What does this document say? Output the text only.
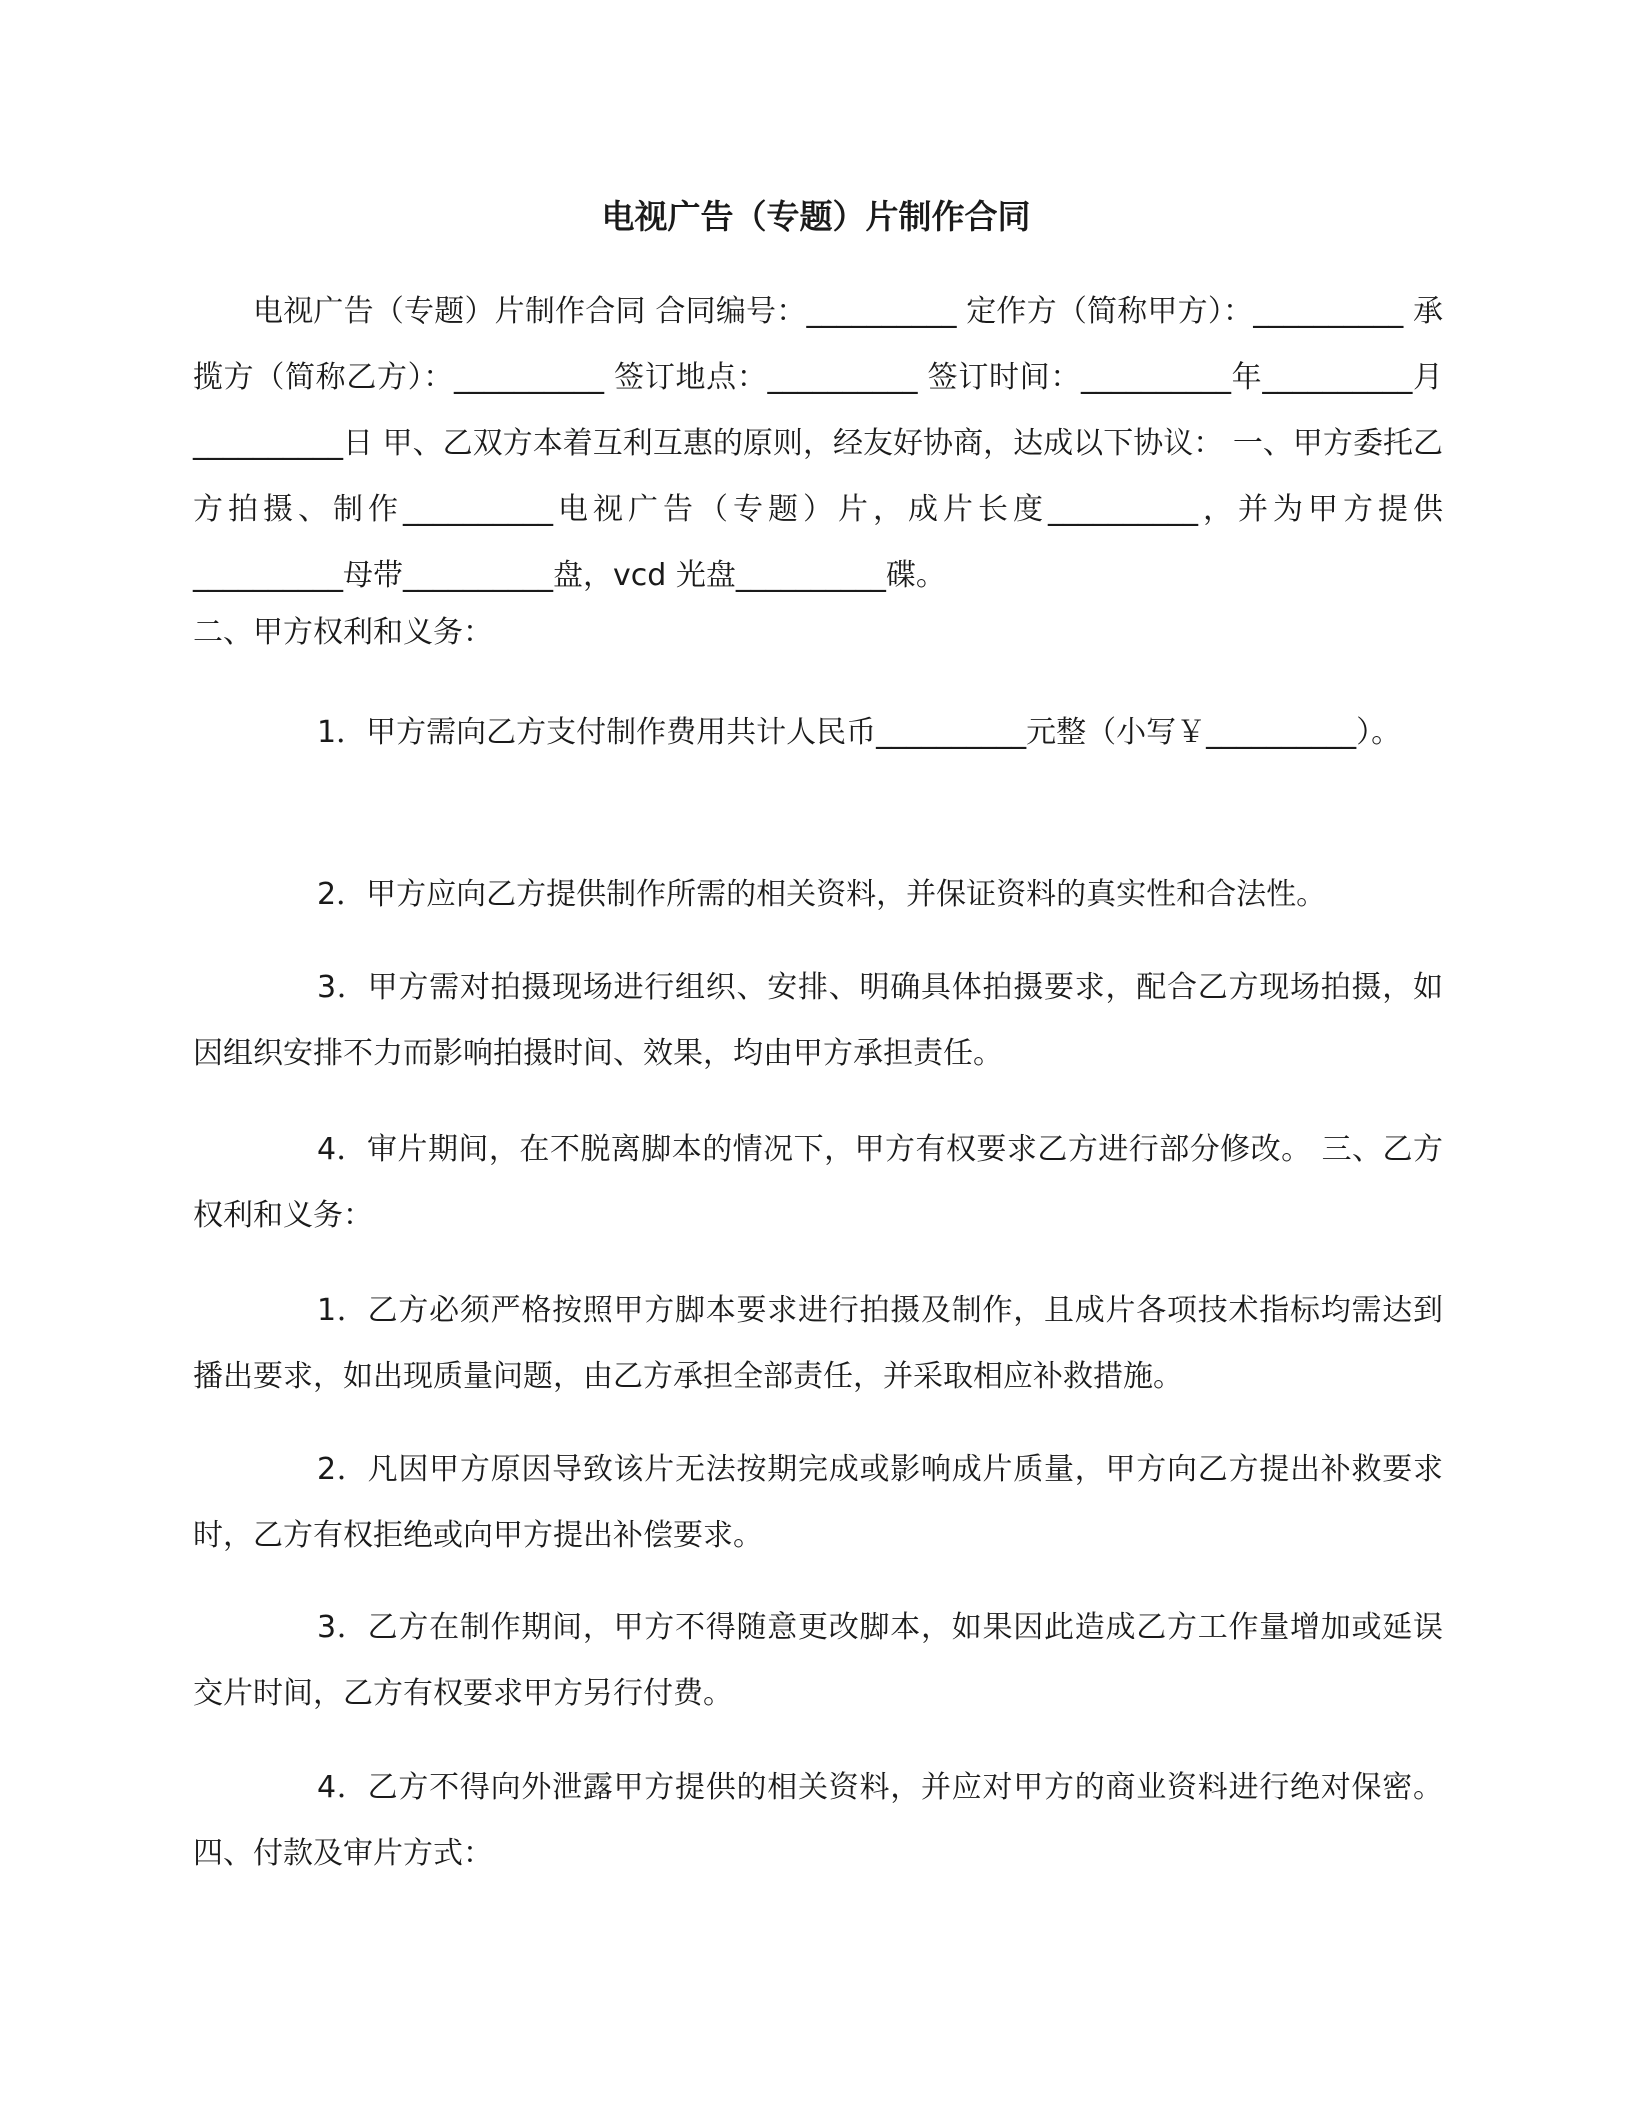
电视广告（专题）片制作合同
电视广告（专题）片制作合同 合同编号：__________ 定作方（简称甲方）：__________ 承揽方（简称乙方）：__________ 签订地点：__________ 签订时间：__________年__________月__________日 甲、乙双方本着互利互惠的原则，经友好协商，达成以下协议： 一、甲方委托乙方拍摄、制作__________电视广告（专题）片，成片长度__________，并为甲方提供__________母带__________盘，vcd 光盘__________碟。
二、甲方权利和义务：
1．甲方需向乙方支付制作费用共计人民币__________元整（小写￥__________）。
2．甲方应向乙方提供制作所需的相关资料，并保证资料的真实性和合法性。
3．甲方需对拍摄现场进行组织、安排、明确具体拍摄要求，配合乙方现场拍摄，如因组织安排不力而影响拍摄时间、效果，均由甲方承担责任。
4．审片期间，在不脱离脚本的情况下，甲方有权要求乙方进行部分修改。 三、乙方权利和义务：
1．乙方必须严格按照甲方脚本要求进行拍摄及制作，且成片各项技术指标均需达到播出要求，如出现质量问题，由乙方承担全部责任，并采取相应补救措施。
2．凡因甲方原因导致该片无法按期完成或影响成片质量，甲方向乙方提出补救要求时，乙方有权拒绝或向甲方提出补偿要求。
3．乙方在制作期间，甲方不得随意更改脚本，如果因此造成乙方工作量增加或延误交片时间，乙方有权要求甲方另行付费。
4．乙方不得向外泄露甲方提供的相关资料，并应对甲方的商业资料进行绝对保密。 四、付款及审片方式：
